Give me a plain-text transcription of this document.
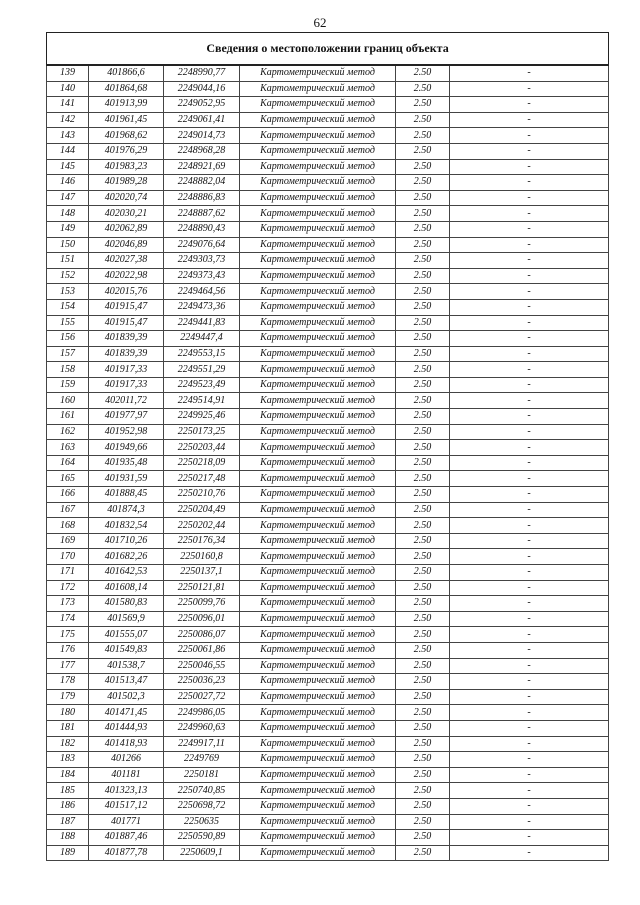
62
Сведения о местоположении границ объекта					
139	401866,6	2248990,77	Картометрический метод	2.50	-
140	401864,68	2249044,16	Картометрический метод	2.50	-
141	401913,99	2249052,95	Картометрический метод	2.50	-
142	401961,45	2249061,41	Картометрический метод	2.50	-
143	401968,62	2249014,73	Картометрический метод	2.50	-
144	401976,29	2248968,28	Картометрический метод	2.50	-
145	401983,23	2248921,69	Картометрический метод	2.50	-
146	401989,28	2248882,04	Картометрический метод	2.50	-
147	402020,74	2248886,83	Картометрический метод	2.50	-
148	402030,21	2248887,62	Картометрический метод	2.50	-
149	402062,89	2248890,43	Картометрический метод	2.50	-
150	402046,89	2249076,64	Картометрический метод	2.50	-
151	402027,38	2249303,73	Картометрический метод	2.50	-
152	402022,98	2249373,43	Картометрический метод	2.50	-
153	402015,76	2249464,56	Картометрический метод	2.50	-
154	401915,47	2249473,36	Картометрический метод	2.50	-
155	401915,47	2249441,83	Картометрический метод	2.50	-
156	401839,39	2249447,4	Картометрический метод	2.50	-
157	401839,39	2249553,15	Картометрический метод	2.50	-
158	401917,33	2249551,29	Картометрический метод	2.50	-
159	401917,33	2249523,49	Картометрический метод	2.50	-
160	402011,72	2249514,91	Картометрический метод	2.50	-
161	401977,97	2249925,46	Картометрический метод	2.50	-
162	401952,98	2250173,25	Картометрический метод	2.50	-
163	401949,66	2250203,44	Картометрический метод	2.50	-
164	401935,48	2250218,09	Картометрический метод	2.50	-
165	401931,59	2250217,48	Картометрический метод	2.50	-
166	401888,45	2250210,76	Картометрический метод	2.50	-
167	401874,3	2250204,49	Картометрический метод	2.50	-
168	401832,54	2250202,44	Картометрический метод	2.50	-
169	401710,26	2250176,34	Картометрический метод	2.50	-
170	401682,26	2250160,8	Картометрический метод	2.50	-
171	401642,53	2250137,1	Картометрический метод	2.50	-
172	401608,14	2250121,81	Картометрический метод	2.50	-
173	401580,83	2250099,76	Картометрический метод	2.50	-
174	401569,9	2250096,01	Картометрический метод	2.50	-
175	401555,07	2250086,07	Картометрический метод	2.50	-
176	401549,83	2250061,86	Картометрический метод	2.50	-
177	401538,7	2250046,55	Картометрический метод	2.50	-
178	401513,47	2250036,23	Картометрический метод	2.50	-
179	401502,3	2250027,72	Картометрический метод	2.50	-
180	401471,45	2249986,05	Картометрический метод	2.50	-
181	401444,93	2249960,63	Картометрический метод	2.50	-
182	401418,93	2249917,11	Картометрический метод	2.50	-
183	401266	2249769	Картометрический метод	2.50	-
184	401181	2250181	Картометрический метод	2.50	-
185	401323,13	2250740,85	Картометрический метод	2.50	-
186	401517,12	2250698,72	Картометрический метод	2.50	-
187	401771	2250635	Картометрический метод	2.50	-
188	401887,46	2250590,89	Картометрический метод	2.50	-
189	401877,78	2250609,1	Картометрический метод	2.50	-
